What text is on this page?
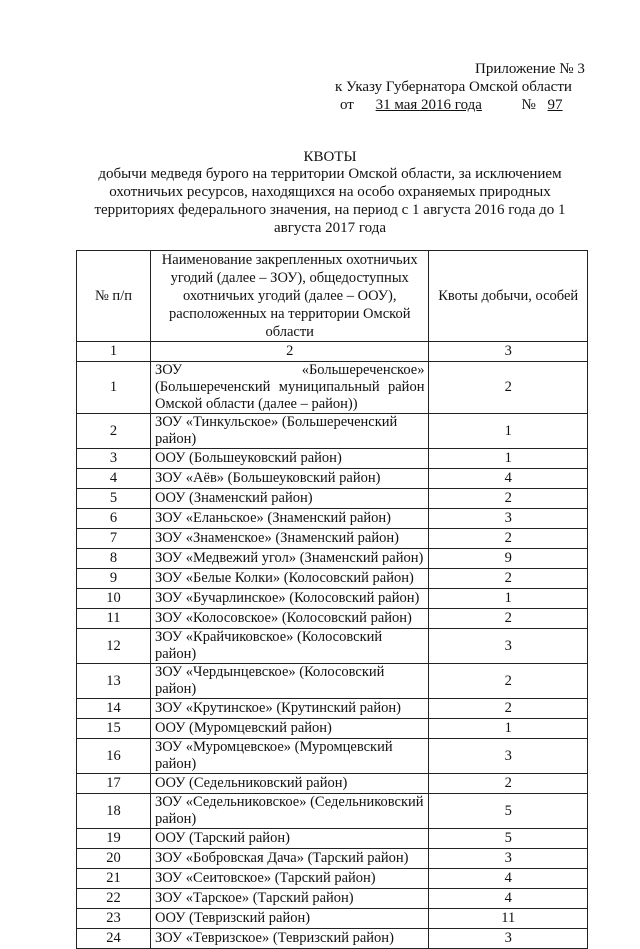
Приложение № 3
к Указу Губернатора Омской области
от 31 мая 2016 года	№ 97
КВОТЫ
добычи медведя бурого на территории Омской области, за исключением охотничьих ресурсов, находящихся на особо охраняемых природных территориях федерального значения, на период с 1 августа 2016 года до 1 августа 2017 года
№ п/п	Наименование закрепленных охотничьих угодий (далее – ЗОУ), общедоступных охотничьих угодий (далее – ООУ), расположенных на территории Омской области	Квоты добычи, особей
1	2	3
1	ЗОУ «Большереченское» (Большереченский муниципальный район Омской области (далее – район))	2
2	ЗОУ «Тинкульское» (Большереченский район)	1
3	ООУ (Большеуковский район)	1
4	ЗОУ «Аёв» (Большеуковский район)	4
5	ООУ (Знаменский район)	2
6	ЗОУ «Еланьское» (Знаменский район)	3
7	ЗОУ «Знаменское» (Знаменский район)	2
8	ЗОУ «Медвежий угол» (Знаменский район)	9
9	ЗОУ «Белые Колки» (Колосовский район)	2
10	ЗОУ «Бучарлинское» (Колосовский район)	1
11	ЗОУ «Колосовское» (Колосовский район)	2
12	ЗОУ «Крайчиковское» (Колосовский район)	3
13	ЗОУ «Чердынцевское» (Колосовский район)	2
14	ЗОУ «Крутинское» (Крутинский район)	2
15	ООУ (Муромцевский район)	1
16	ЗОУ «Муромцевское» (Муромцевский район)	3
17	ООУ (Седельниковский район)	2
18	ЗОУ «Седельниковское» (Седельниковский район)	5
19	ООУ (Тарский район)	5
20	ЗОУ «Бобровская Дача» (Тарский район)	3
21	ЗОУ «Сеитовское» (Тарский район)	4
22	ЗОУ «Тарское» (Тарский район)	4
23	ООУ (Тевризский район)	11
24	ЗОУ «Тевризское» (Тевризский район)	3
